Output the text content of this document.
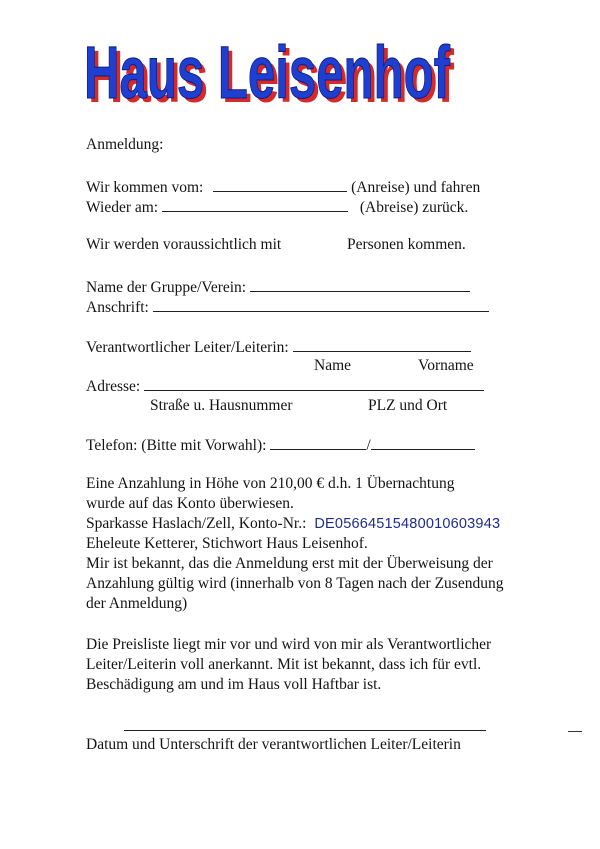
Haus Leisenhof
Haus Leisenhof
Anmeldung:
Wir kommen vom:	(Anreise) und fahren
Wieder am:	(Abreise) zurück.
Wir werden voraussichtlich mit	Personen kommen.
Name der Gruppe/Verein:
Anschrift:
Verantwortlicher Leiter/Leiterin:
Name	Vorname
Adresse:
Straße u. Hausnummer	PLZ und Ort
Telefon: (Bitte mit Vorwahl):	/
Eine Anzahlung in Höhe von 210,00 € d.h. 1 Übernachtung
wurde auf das Konto überwiesen.
Sparkasse Haslach/Zell, Konto-Nr.: DE05664515480010603943
Eheleute Ketterer, Stichwort Haus Leisenhof.
Mir ist bekannt, das die Anmeldung erst mit der Überweisung der
Anzahlung gültig wird (innerhalb von 8 Tagen nach der Zusendung
der Anmeldung)
Die Preisliste liegt mir vor und wird von mir als Verantwortlicher
Leiter/Leiterin voll anerkannt. Mit ist bekannt, dass ich für evtl.
Beschädigung am und im Haus voll Haftbar ist.
Datum und Unterschrift der verantwortlichen Leiter/Leiterin
